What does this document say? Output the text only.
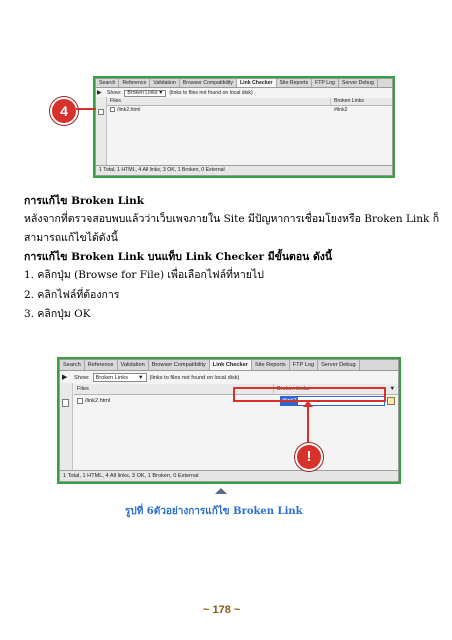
Search	Reference	Validation	Browser Compatibility	Link Checker	Site Reports	FTP Log	Server Debug
Show: Broken Links ▼ (links to files not found on local disk)
▶
Files	Broken Links
/link2.html	#link2
1 Total, 1 HTML, 4 All links, 3 OK, 1 Broken, 0 External
4
การแก้ไข Broken Link
หลังจากที่ตรวจสอบพบแล้วว่าเว็บเพจภายใน Site มีปัญหาการเชื่อมโยงหรือ Broken Link ก็
สามารถแก้ไขได้ดังนี้
การแก้ไข Broken Link บนแท็บ Link Checker มีขั้นตอน ดังนี้
1. คลิกปุ่ม (Browse for File) เพื่อเลือกไฟล์ที่หายไป
2. คลิกไฟล์ที่ต้องการ
3. คลิกปุ่ม OK
Search	Reference	Validation	Browser Compatibility	Link Checker	Site Reports	FTP Log	Server Debug
Show: Broken Links ▼ (links to files not found on local disk)
▶
Files	Broken Links	▼
/link2.html	#link2
1 Total, 1 HTML, 4 All links, 3 OK, 1 Broken, 0 External
!
รูปที่ 6ตัวอย่างการแก้ไข Broken Link
~ 178 ~
